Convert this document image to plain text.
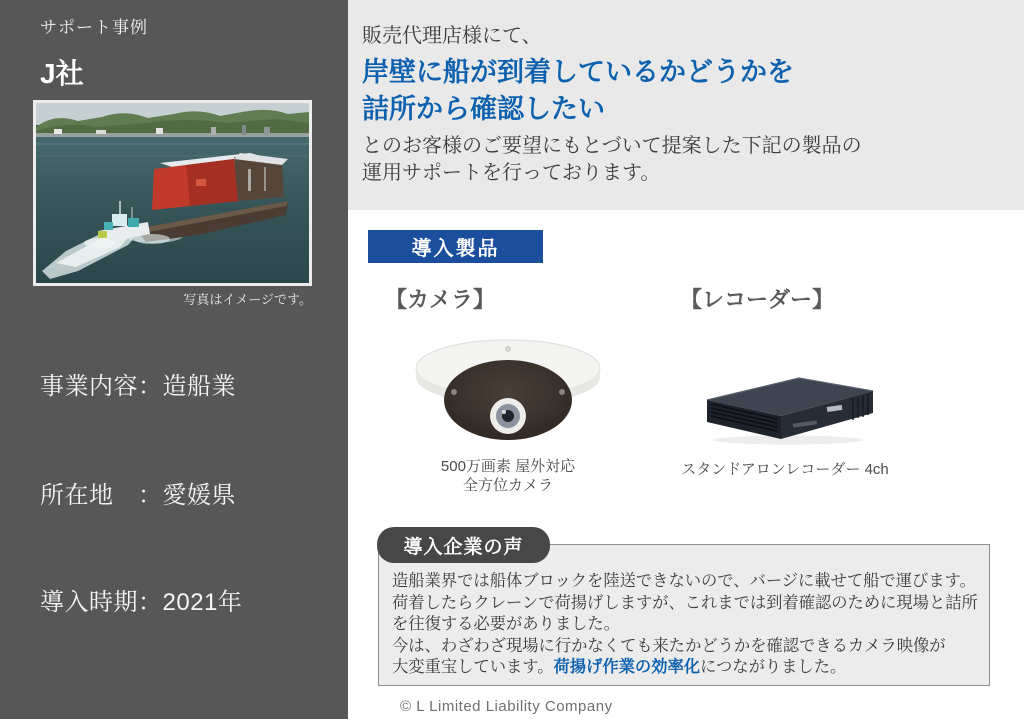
サポート事例
J社
写真はイメージです。
事業内容：造船業
所在地　：愛媛県
導入時期：2021年

販売代理店様にて、

岸壁に船が到着しているかどうかを

詰所から確認したい

とのお客様のご要望にもとづいて提案した下記の製品の

運用サポートを行っております。

導入製品
【カメラ】

500万画素 屋外対応
全方位カメラ

【レコーダー】

スタンドアロンレコーダー 4ch

導入企業の声

造船業界では船体ブロックを陸送できないので、バージに載せて船で運びます。

荷着したらクレーンで荷揚げしますが、これまでは到着確認のために現場と詰所

を往復する必要がありました。

今は、わざわざ現場に行かなくても来たかどうかを確認できるカメラ映像が

大変重宝しています。荷揚げ作業の効率化につながりました。

© L Limited Liability Company
